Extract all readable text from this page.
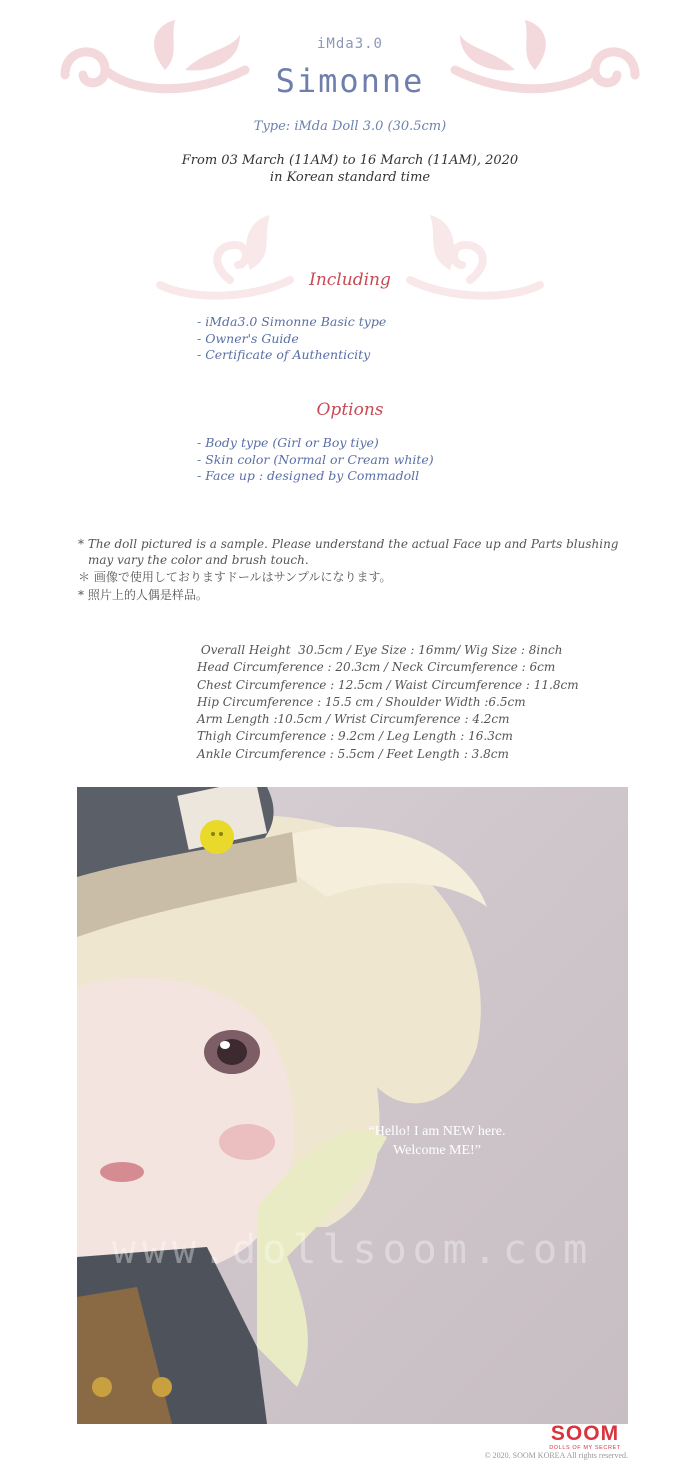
iMda3.0
Simonne
Type: iMda Doll 3.0 (30.5cm)
From 03 March (11AM) to 16 March (11AM), 2020
in Korean standard time
Including
- iMda3.0 Simonne Basic type
- Owner's Guide
- Certificate of Authenticity
Options
- Body type (Girl or Boy tiye)
- Skin color (Normal or Cream white)
- Face up : designed by Commadoll
* The doll pictured is a sample. Please understand the actual Face up and Parts blushing may vary the color and brush touch.
＊ 画像で使用しておりますドールはサンプルになります。
* 照片上的人偶是样品。
Overall Height  30.5cm / Eye Size : 16mm/ Wig Size : 8inch
Head Circumference : 20.3cm / Neck Circumference : 6cm
Chest Circumference : 12.5cm / Waist Circumference : 11.8cm
Hip Circumference : 15.5 cm / Shoulder Width :6.5cm
Arm Length :10.5cm / Wrist Circumference : 4.2cm
Thigh Circumference : 9.2cm / Leg Length : 16.3cm
Ankle Circumference : 5.5cm / Feet Length : 3.8cm
www.dollsoom.com
“Hello! I am NEW here.
Welcome ME!”
SOOM
DOLLS OF MY SECRET
© 2020. SOOM KOREA All rights reserved.
